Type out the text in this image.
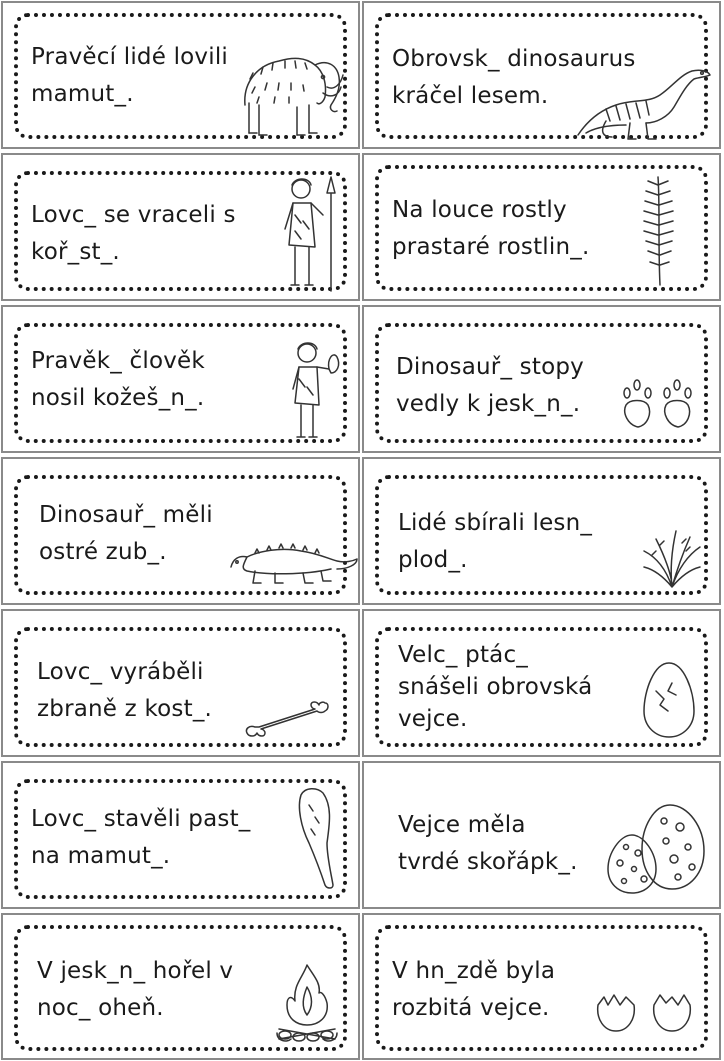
Pravěcí lidé lovili
mamut_.
Obrovsk_ dinosaurus
kráčel lesem.
Lovc_ se vraceli s
koř_st_.
Na louce rostly
prastaré rostlin_.
Pravěk_ člověk
nosil kožeš_n_.
Dinosauř_ stopy
vedly k jesk_n_.
Dinosauř_ měli
ostré zub_.
Lidé sbírali lesn_
plod_.
Lovc_ vyráběli
zbraně z kost_.
Velc_ ptác_
snášeli obrovská
vejce.
Lovc_ stavěli past_
na mamut_.
Vejce měla
tvrdé skořápk_.
V jesk_n_ hořel v
noc_ oheň.
V hn_zdě byla
rozbitá vejce.
